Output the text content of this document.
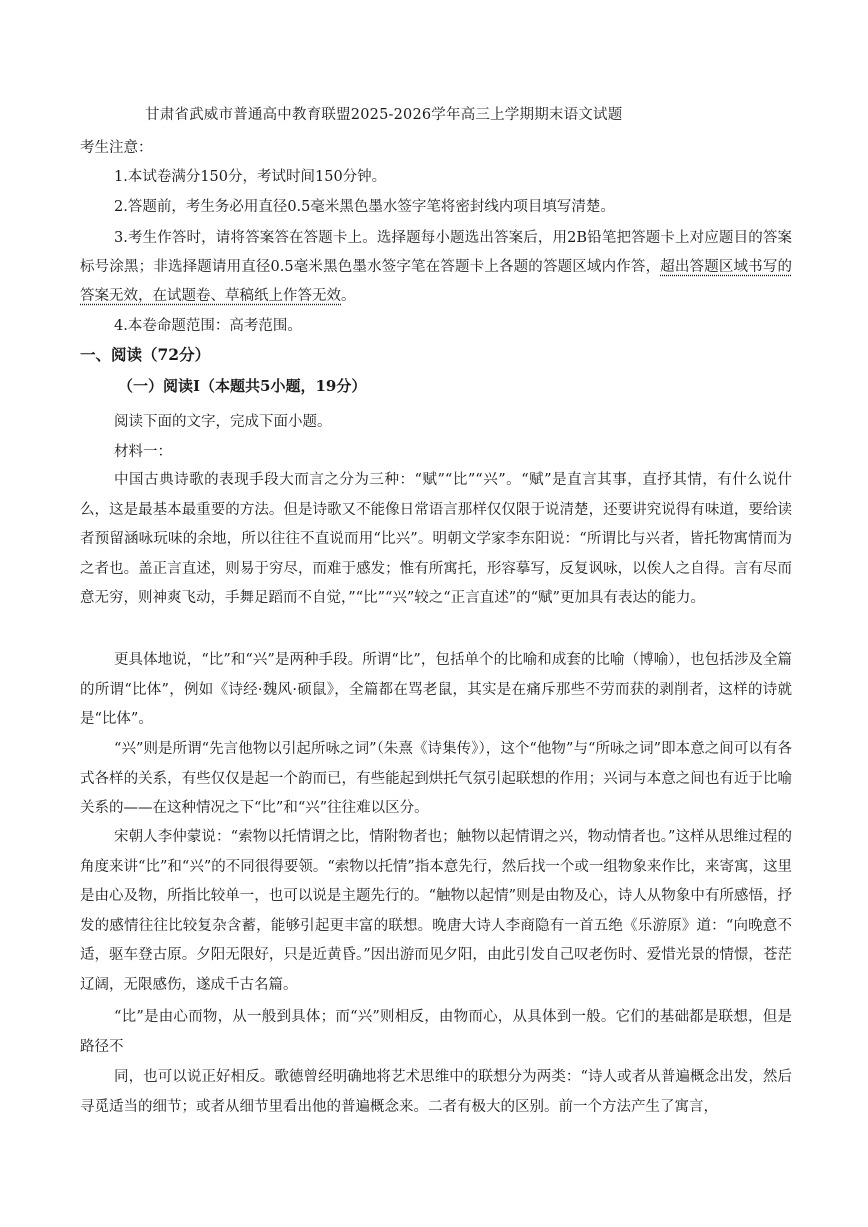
甘肃省武威市普通高中教育联盟2025-2026学年高三上学期期末语文试题
考生注意：
1.本试卷满分150分，考试时间150分钟。
2.答题前，考生务必用直径0.5毫米黑色墨水签字笔将密封线内项目填写清楚。
3.考生作答时，请将答案答在答题卡上。选择题每小题选出答案后，用2B铅笔把答题卡上对应题目的答案标号涂黑；非选择题请用直径0.5毫米黑色墨水签字笔在答题卡上各题的答题区域内作答，超出答题区域书写的答案无效，在试题卷、草稿纸上作答无效。
4.本卷命题范围：高考范围。
一、阅读（72分）
（一）阅读I（本题共5小题，19分）
阅读下面的文字，完成下面小题。
材料一：
中国古典诗歌的表现手段大而言之分为三种：“赋”“比”“兴”。“赋”是直言其事，直抒其情，有什么说什么，这是最基本最重要的方法。但是诗歌又不能像日常语言那样仅仅限于说清楚，还要讲究说得有味道，要给读者预留涵咏玩味的余地，所以往往不直说而用“比兴”。明朝文学家李东阳说：“所谓比与兴者，皆托物寓情而为之者也。盖正言直述，则易于穷尽，而难于感发；惟有所寓托，形容摹写，反复讽咏，以俟人之自得。言有尽而意无穷，则神爽飞动，手舞足蹈而不自觉，”“比”“兴”较之“正言直述”的“赋”更加具有表达的能力。
更具体地说，“比”和“兴”是两种手段。所谓“比”，包括单个的比喻和成套的比喻（博喻），也包括涉及全篇的所谓“比体”，例如《诗经·魏风·硕鼠》，全篇都在骂老鼠，其实是在痛斥那些不劳而获的剥削者，这样的诗就是“比体”。
“兴”则是所谓“先言他物以引起所咏之词”（朱熹《诗集传》），这个“他物”与“所咏之词”即本意之间可以有各式各样的关系，有些仅仅是起一个韵而已，有些能起到烘托气氛引起联想的作用；兴词与本意之间也有近于比喻关系的——在这种情况之下“比”和“兴”往往难以区分。
宋朝人李仲蒙说：“索物以托情谓之比，情附物者也；触物以起情谓之兴，物动情者也。”这样从思维过程的角度来讲“比”和“兴”的不同很得要领。“索物以托情”指本意先行，然后找一个或一组物象来作比，来寄寓，这里是由心及物，所指比较单一，也可以说是主题先行的。“触物以起情”则是由物及心，诗人从物象中有所感悟，抒发的感情往往比较复杂含蓄，能够引起更丰富的联想。晚唐大诗人李商隐有一首五绝《乐游原》道：“向晚意不适，驱车登古原。夕阳无限好，只是近黄昏。”因出游而见夕阳，由此引发自己叹老伤时、爱惜光景的情憬，苍茫辽阔，无限感伤，遂成千古名篇。
“比”是由心而物，从一般到具体；而“兴”则相反，由物而心，从具体到一般。它们的基础都是联想，但是路径不
同，也可以说正好相反。歌德曾经明确地将艺术思维中的联想分为两类：“诗人或者从普遍概念出发，然后寻觅适当的细节；或者从细节里看出他的普遍概念来。二者有极大的区别。前一个方法产生了寓言，
